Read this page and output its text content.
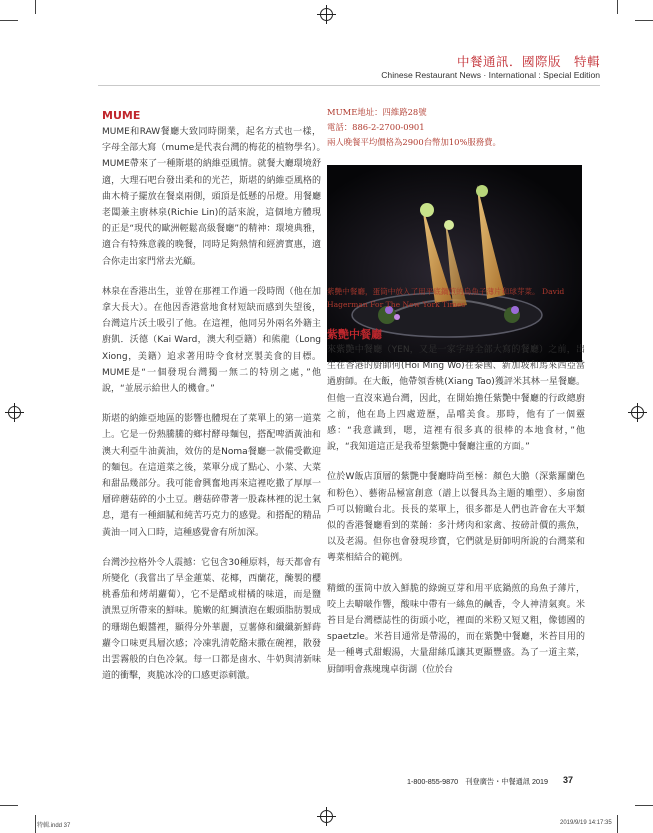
中餐通訊．國際版　特輯
Chinese Restaurant News · International : Special Edition
MUME

MUME和RAW餐廳大致同時開業，起名方式也一樣，字母全部大寫（mume是代表台灣的梅花的植物學名）。　MUME帶來了一種斯堪的納維亞風情。就餐大廳環境舒適，大理石吧台發出柔和的光芒，斯堪的納維亞風格的曲木椅子擺放在餐桌兩側，頭頂是低懸的吊燈。用餐廳老闆兼主廚林泉(Richie Lin)的話來說，這個地方體現的正是“現代的歐洲輕鬆高級餐廳”的精神：環境典雅，適合有特殊意義的晚餐，同時足夠熱情和經濟實惠，適合你走出家門常去光顧。

林泉在香港出生，並曾在那裡工作過一段時間（他在加拿大長大）。在他因香港當地食材短缺而感到失望後，台灣這片沃土吸引了他。在這裡，他同另外兩名外籍主廚凱．沃德（Kai Ward，澳大利亞籍）和熊龍（Long Xiong，美籍）追求著用時令食材烹製美食的目標。MUME是“一個發現台灣獨一無二的特別之處，”他說，“並展示給世人的機會。”

斯堪的納維亞地區的影響也體現在了菜單上的第一道菜上。它是一份熱騰騰的鄉村酵母麵包，搭配啤酒黃油和澳大利亞牛油黃油，效仿的是Noma餐廳一款備受歡迎的麵包。在這道菜之後，菜單分成了點心、小菜、大菜和甜品幾部分。我可能會興奮地再來這裡吃撒了厚厚一層碎蘑菇碎的小土豆。蘑菇碎帶著一股森林裡的泥土氣息，還有一種細膩和純苦巧克力的感覺。和搭配的精品黃油一同入口時，這種感覺會有所加深。

台灣沙拉格外令人震撼：它包含30種原料，每天都會有所變化（我嘗出了旱金蓮葉、花椰，西蘭花，醃製的櫻桃番茄和烤胡蘿蔔），它不是醋或柑橘的味道，而是鹽漬黑豆所帶來的鮮味。脆嫩的紅鯛漬泡在蝦頭脂肪製成的珊瑚色蝦醬裡，顯得分外華麗，豆薯條和纖纖新鮮蒔蘿令口味更具層次感；冷凍乳清乾酪末撒在碗裡，散發出雲霧般的白色冷氣。每一口都是鹵水、牛奶與清新味道的衝擊，爽脆冰冷的口感更添刺激。

MUME地址：四維路28號
電話：886-2-2700-0901
兩人晚餐平均價格為2900台幣加10%服務費。
紫艷中餐廳，蛋筒中放入了用平底鍋煎的烏魚子薄片和球芽菜。 David Hagerman For The New York Times
紫艷中餐廳

來紫艷中餐廳（YEN，又是一家字母全部大寫的餐廳）之前，出生在香港的厨師何(Hoi Ming Wo)在泰國、新加坡和馬來西亞當過廚師。在大飯，他帶領香桃(Xiang Tao)獲評米其林一星餐廳。但他一直沒來過台灣，因此，在開始擔任紫艷中餐廳的行政總廚之前，他在島上四處遊歷，品嚐美食。那時，他有了一個靈感：“我意識到，嗯，這裡有很多真的很棒的本地食材，”他說，“我知道這正是我希望紫艷中餐廳注重的方面。”

位於W飯店頂層的紫艷中餐廳時尚至極：顏色大膽（深紫羅蘭色和粉色）、藝術品極富創意（譜上以餐具為主題的雕塑）、多扇窗戶可以俯瞰台北。長長的菜單上，很多都是人們也許會在大平類似的香港餐廳看到的菜餚：多汁烤肉和家禽、按磅計價的燕魚，以及老湯。但你也會發現珍寶，它們就是厨師明所說的台灣菜和粵菜相結合的範例。

精緻的蛋筒中放入鮮脆的綠豌豆芽和用平底鍋煎的烏魚子薄片，咬上去噼啵作響，酸味中帶有一絲魚的鹹香，令人神清氣爽。米苔目是台灣標誌性的街頭小吃，裡面的米粉又短又粗，像德國的spaetzle。米苔目通常是帶湯的，而在紫艷中餐廳，米苔目用的是一種粵式甜蝦湯，大量甜絲瓜讓其更顯豐盛。為了一道主菜，厨師明會燕塊瑰卓街湖（位於台

1-800-855-9870　刊登廣告・中餐通訊 2019 37
特輯.indd 37	2019/9/19 14:17:35
